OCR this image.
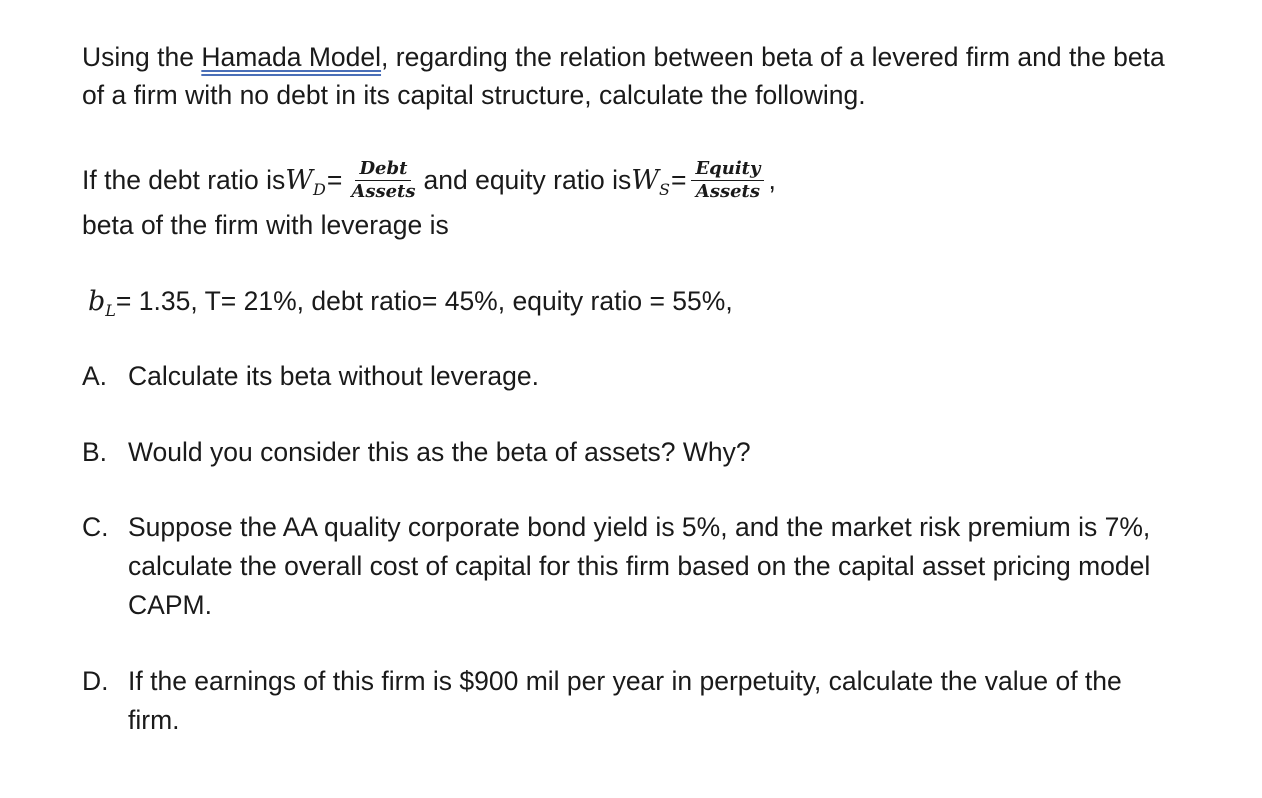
Using the Hamada Model, regarding the relation between beta of a levered firm and the beta of a firm with no debt in its capital structure, calculate the following.
If the debt ratio is $W_D = \frac{\text{Debt}}{\text{Assets}}$ and equity ratio is $W_S = \frac{\text{Equity}}{\text{Assets}}$ ,
beta of the firm with leverage is
$b_L= 1.35$, T= 21%, debt ratio= 45%, equity ratio = 55%,
A. Calculate its beta without leverage.
B. Would you consider this as the beta of assets? Why?
C. Suppose the AA quality corporate bond yield is 5%, and the market risk premium is 7%, calculate the overall cost of capital for this firm based on the capital asset pricing model CAPM.
D. If the earnings of this firm is $900 mil per year in perpetuity, calculate the value of the firm.
